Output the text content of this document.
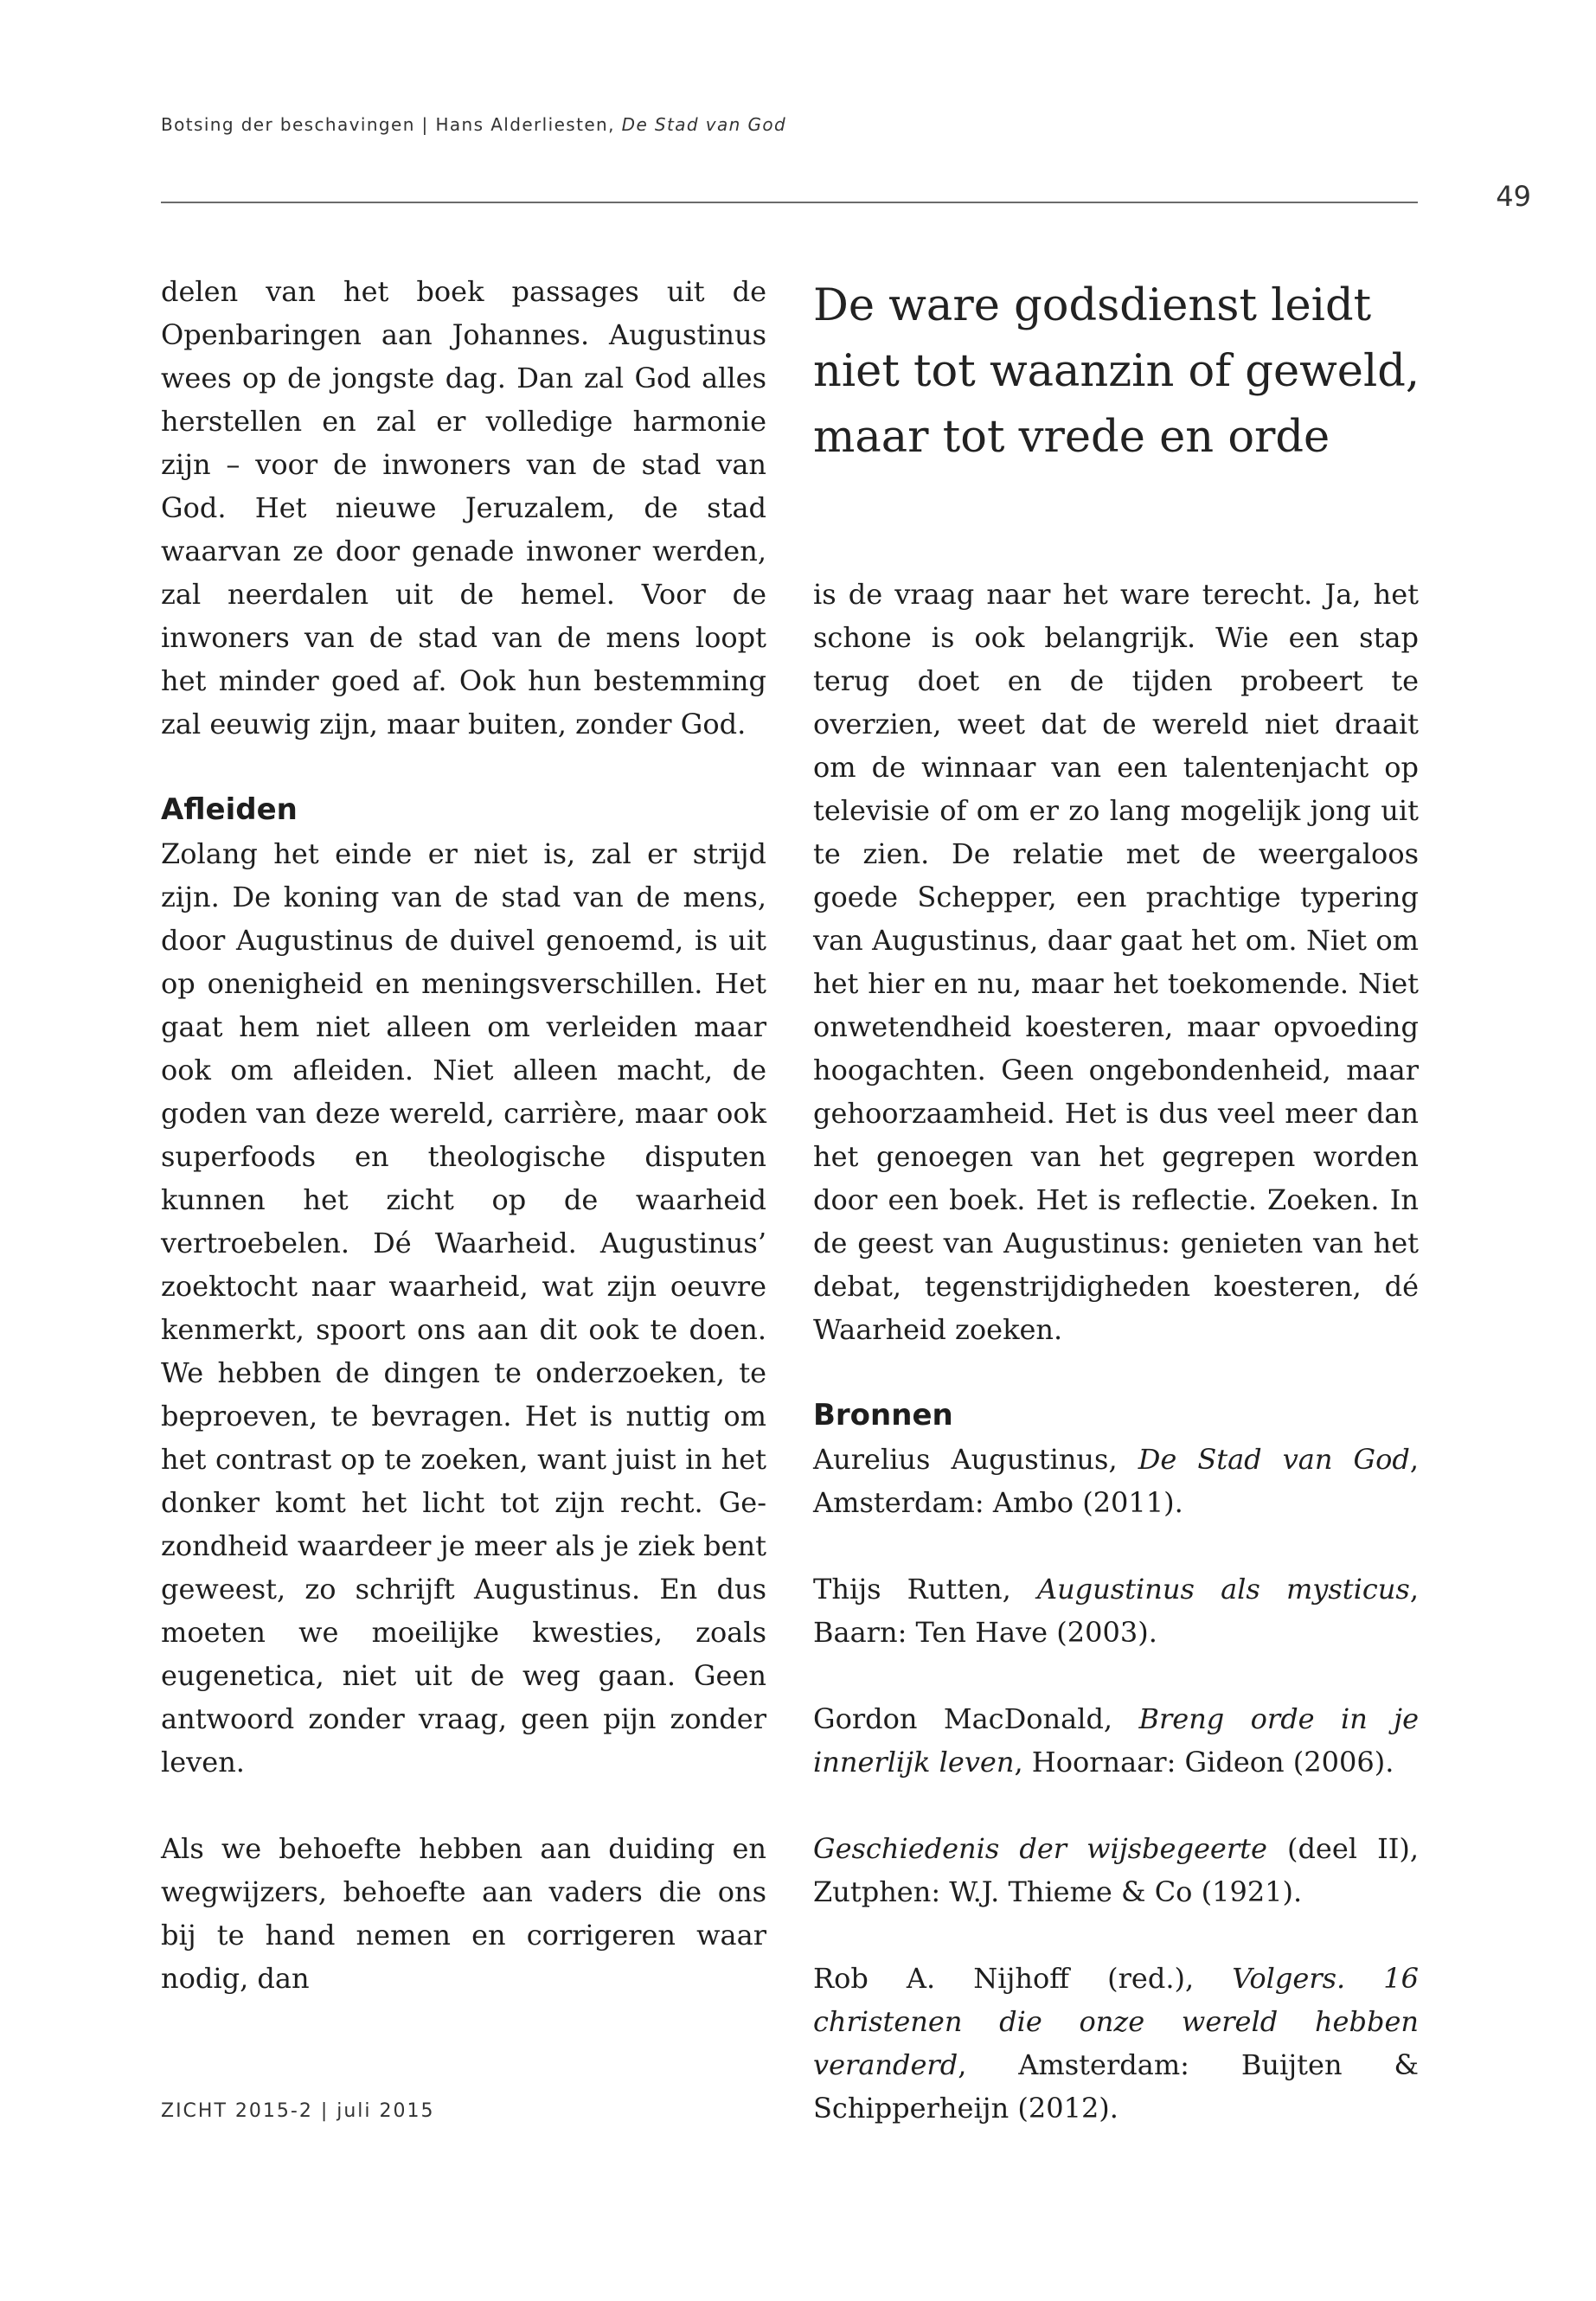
Botsing der beschavingen | Hans Alderliesten, De Stad van God
49

delen van het boek passages uit de Openbaringen aan Johannes. Augustinus wees op de jongste dag. Dan zal God alles herstellen en zal er volledige harmonie zijn – voor de inwoners van de stad van God. Het nieuwe Jeruzalem, de stad waarvan ze door genade inwoner werden, zal neerdalen uit de hemel. Voor de inwoners van de stad van de mens loopt het minder goed af. Ook hun bestemming zal eeuwig zijn, maar buiten, zonder God.

Afleiden

Zolang het einde er niet is, zal er strijd zijn. De koning van de stad van de mens, door Augustinus de duivel genoemd, is uit op onenigheid en meningsverschillen. Het gaat hem niet alleen om verleiden maar ook om afleiden. Niet alleen macht, de goden van deze wereld, carrière, maar ook superfoods en theologische disputen kunnen het zicht op de waarheid vertroebelen. Dé Waarheid. Augustinus’ zoektocht naar waarheid, wat zijn oeuvre kenmerkt, spoort ons aan dit ook te doen. We hebben de dingen te onderzoeken, te beproeven, te bevragen. Het is nuttig om het contrast op te zoeken, want juist in het donker komt het licht tot zijn recht. Gezondheid waardeer je meer als je ziek bent geweest, zo schrijft Augustinus. En dus moeten we moeilijke kwesties, zoals eugenetica, niet uit de weg gaan. Geen antwoord zonder vraag, geen pijn zonder leven.

Als we behoefte hebben aan duiding en wegwijzers, behoefte aan vaders die ons bij te hand nemen en corrigeren waar nodig, dan

De ware godsdienst leidt niet tot waanzin of geweld, maar tot vrede en orde

is de vraag naar het ware terecht. Ja, het schone is ook belangrijk. Wie een stap terug doet en de tijden probeert te overzien, weet dat de wereld niet draait om de winnaar van een talentenjacht op televisie of om er zo lang mogelijk jong uit te zien. De relatie met de weergaloos goede Schepper, een prachtige typering van Augustinus, daar gaat het om. Niet om het hier en nu, maar het toekomende. Niet onwetendheid koesteren, maar opvoeding hoogachten. Geen ongebondenheid, maar gehoorzaamheid. Het is dus veel meer dan het genoegen van het gegrepen worden door een boek. Het is reflectie. Zoeken. In de geest van Augustinus: genieten van het debat, tegenstrijdigheden koesteren, dé Waarheid zoeken.

Bronnen

Aurelius Augustinus, De Stad van God, Amsterdam: Ambo (2011).

Thijs Rutten, Augustinus als mysticus, Baarn: Ten Have (2003).

Gordon MacDonald, Breng orde in je innerlijk leven, Hoornaar: Gideon (2006).

Geschiedenis der wijsbegeerte (deel II), Zutphen: W.J. Thieme & Co (1921).

Rob A. Nijhoff (red.), Volgers. 16 christenen die onze wereld hebben veranderd, Amsterdam: Buijten & Schipperheijn (2012).

ZICHT 2015-2 | juli 2015
